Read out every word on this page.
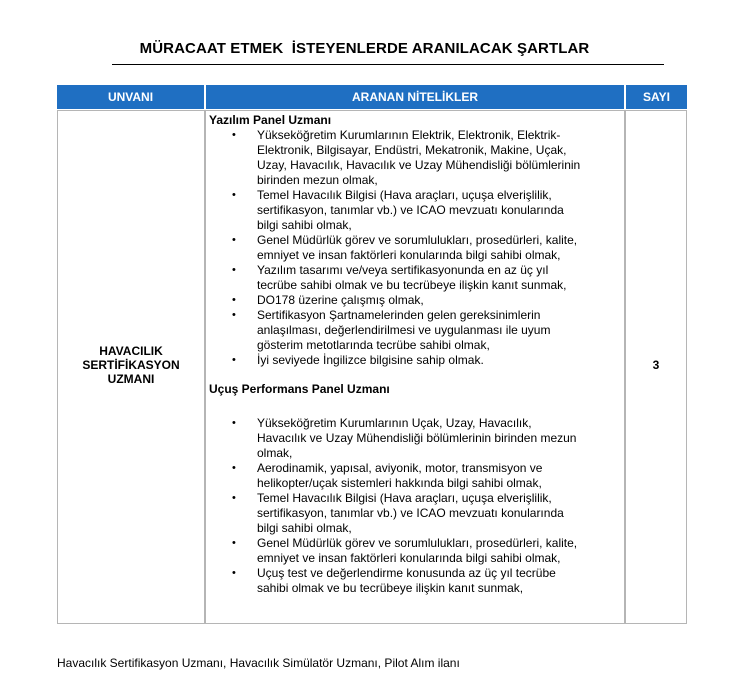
MÜRACAAT ETMEK  İSTEYENLERDE ARANILACAK ŞARTLAR
UNVANI	ARANAN NİTELİKLER	SAYI
HAVACILIK
SERTİFİKASYON
UZMANI
3
Yazılım Panel Uzmanı
• Yükseköğretim Kurumlarının Elektrik, Elektronik, Elektrik-
Elektronik, Bilgisayar, Endüstri, Mekatronik, Makine, Uçak,
Uzay, Havacılık, Havacılık ve Uzay Mühendisliği bölümlerinin
birinden mezun olmak,
• Temel Havacılık Bilgisi (Hava araçları, uçuşa elverişlilik,
sertifikasyon, tanımlar vb.) ve ICAO mevzuatı konularında
bilgi sahibi olmak,
• Genel Müdürlük görev ve sorumlulukları, prosedürleri, kalite,
emniyet ve insan faktörleri konularında bilgi sahibi olmak,
• Yazılım tasarımı ve/veya sertifikasyonunda en az üç yıl
tecrübe sahibi olmak ve bu tecrübeye ilişkin kanıt sunmak,
• DO178 üzerine çalışmış olmak,
• Sertifikasyon Şartnamelerinden gelen gereksinimlerin
anlaşılması, değerlendirilmesi ve uygulanması ile uyum
gösterim metotlarında tecrübe sahibi olmak,
• İyi seviyede İngilizce bilgisine sahip olmak.
Uçuş Performans Panel Uzmanı
• Yükseköğretim Kurumlarının Uçak, Uzay, Havacılık,
Havacılık ve Uzay Mühendisliği bölümlerinin birinden mezun
olmak,
• Aerodinamik, yapısal, aviyonik, motor, transmisyon ve
helikopter/uçak sistemleri hakkında bilgi sahibi olmak,
• Temel Havacılık Bilgisi (Hava araçları, uçuşa elverişlilik,
sertifikasyon, tanımlar vb.) ve ICAO mevzuatı konularında
bilgi sahibi olmak,
• Genel Müdürlük görev ve sorumlulukları, prosedürleri, kalite,
emniyet ve insan faktörleri konularında bilgi sahibi olmak,
• Uçuş test ve değerlendirme konusunda az üç yıl tecrübe
sahibi olmak ve bu tecrübeye ilişkin kanıt sunmak,
Havacılık Sertifikasyon Uzmanı, Havacılık Simülatör Uzmanı, Pilot Alım ilanı
